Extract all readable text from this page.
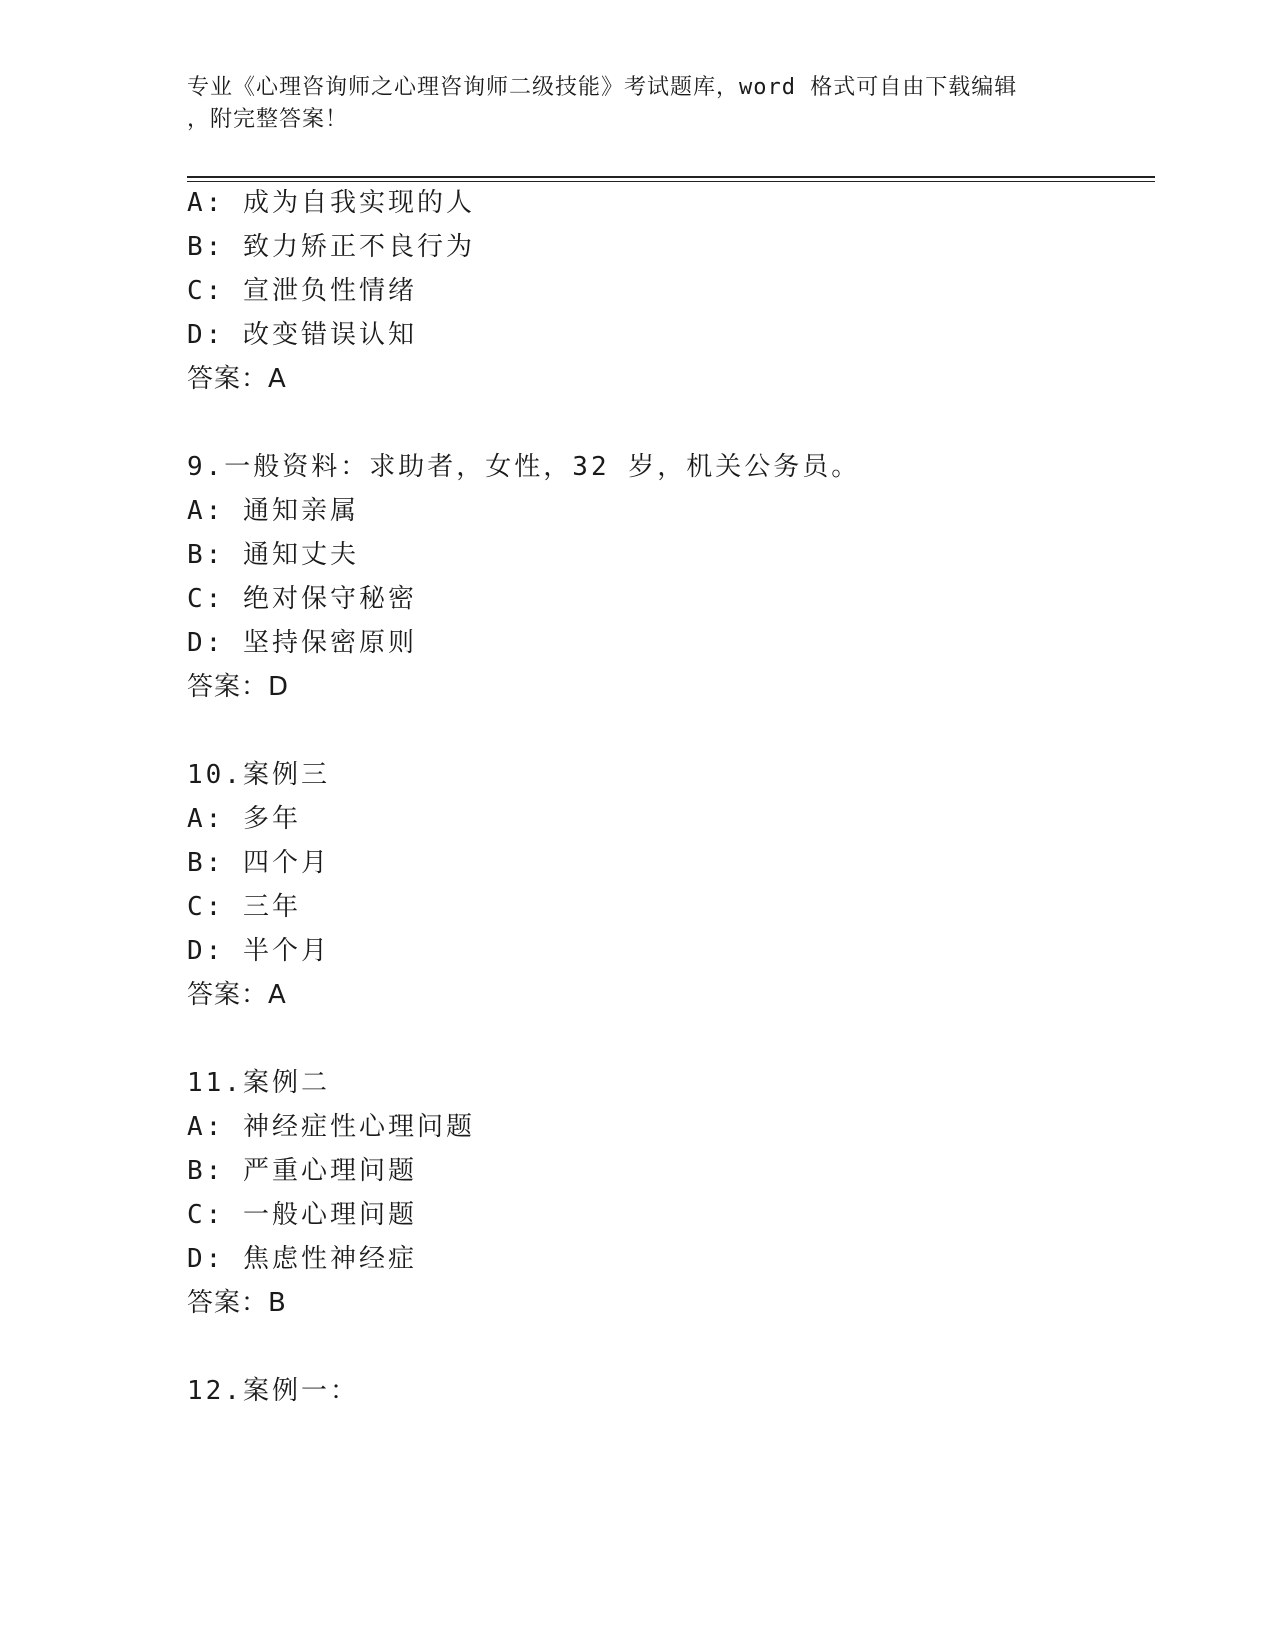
专业《心理咨询师之心理咨询师二级技能》考试题库，word 格式可自由下载编辑
，附完整答案！
A: 成为自我实现的人
B: 致力矫正不良行为
C: 宣泄负性情绪
D: 改变错误认知
答案：A
9.一般资料：求助者，女性，32 岁，机关公务员。
A: 通知亲属
B: 通知丈夫
C: 绝对保守秘密
D: 坚持保密原则
答案：D
10.案例三
A: 多年
B: 四个月
C: 三年
D: 半个月
答案：A
11.案例二
A: 神经症性心理问题
B: 严重心理问题
C: 一般心理问题
D: 焦虑性神经症
答案：B
12.案例一：
